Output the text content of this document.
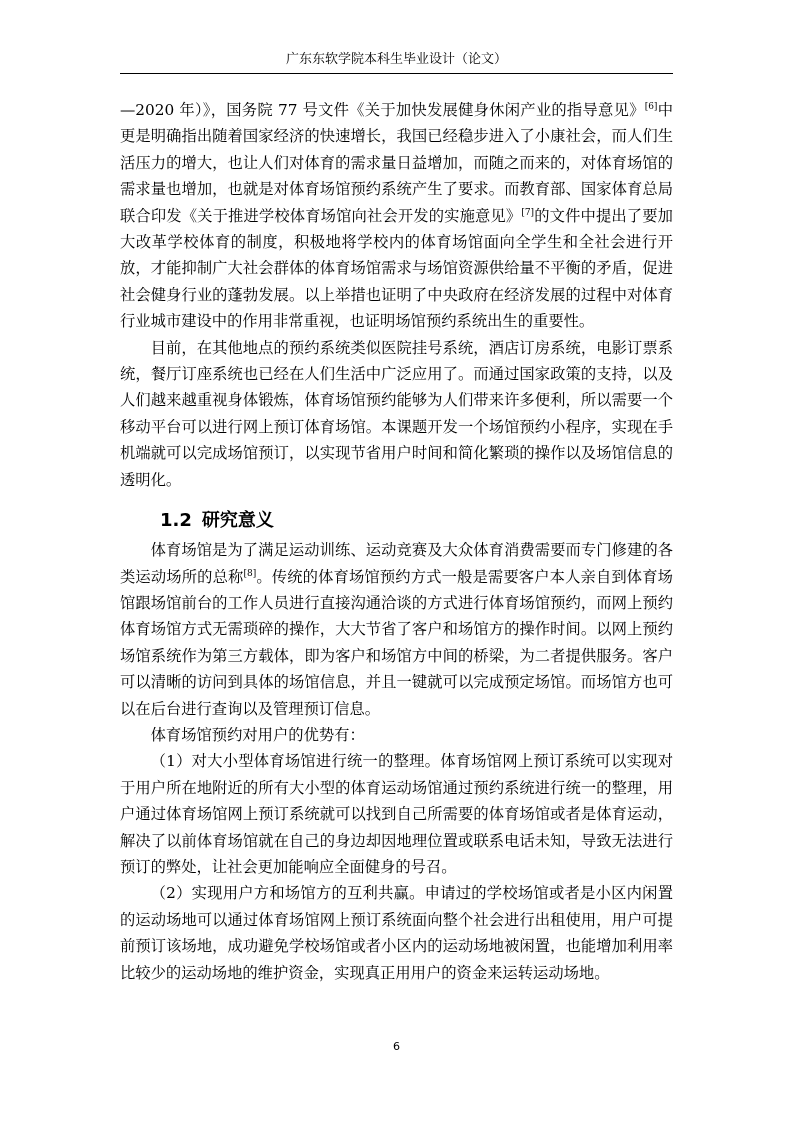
广东东软学院本科生毕业设计（论文）

—2020 年）》，国务院 77 号文件《关于加快发展健身休闲产业的指导意见》[6]中更是明确指出随着国家经济的快速增长，我国已经稳步进入了小康社会，而人们生活压力的增大，也让人们对体育的需求量日益增加，而随之而来的，对体育场馆的需求量也增加，也就是对体育场馆预约系统产生了要求。而教育部、国家体育总局联合印发《关于推进学校体育场馆向社会开发的实施意见》[7]的文件中提出了要加大改革学校体育的制度，积极地将学校内的体育场馆面向全学生和全社会进行开放，才能抑制广大社会群体的体育场馆需求与场馆资源供给量不平衡的矛盾，促进社会健身行业的蓬勃发展。以上举措也证明了中央政府在经济发展的过程中对体育行业城市建设中的作用非常重视，也证明场馆预约系统出生的重要性。

目前，在其他地点的预约系统类似医院挂号系统，酒店订房系统，电影订票系统，餐厅订座系统也已经在人们生活中广泛应用了。而通过国家政策的支持，以及人们越来越重视身体锻炼，体育场馆预约能够为人们带来许多便利，所以需要一个移动平台可以进行网上预订体育场馆。本课题开发一个场馆预约小程序，实现在手机端就可以完成场馆预订，以实现节省用户时间和简化繁琐的操作以及场馆信息的透明化。

1.2 研究意义

体育场馆是为了满足运动训练、运动竞赛及大众体育消费需要而专门修建的各类运动场所的总称[8]。传统的体育场馆预约方式一般是需要客户本人亲自到体育场馆跟场馆前台的工作人员进行直接沟通洽谈的方式进行体育场馆预约，而网上预约体育场馆方式无需琐碎的操作，大大节省了客户和场馆方的操作时间。以网上预约场馆系统作为第三方载体，即为客户和场馆方中间的桥梁，为二者提供服务。客户可以清晰的访问到具体的场馆信息，并且一键就可以完成预定场馆。而场馆方也可以在后台进行查询以及管理预订信息。

体育场馆预约对用户的优势有：

（1）对大小型体育场馆进行统一的整理。体育场馆网上预订系统可以实现对于用户所在地附近的所有大小型的体育运动场馆通过预约系统进行统一的整理，用户通过体育场馆网上预订系统就可以找到自己所需要的体育场馆或者是体育运动，解决了以前体育场馆就在自己的身边却因地理位置或联系电话未知，导致无法进行预订的弊处，让社会更加能响应全面健身的号召。

（2）实现用户方和场馆方的互利共赢。申请过的学校场馆或者是小区内闲置的运动场地可以通过体育场馆网上预订系统面向整个社会进行出租使用，用户可提前预订该场地，成功避免学校场馆或者小区内的运动场地被闲置，也能增加利用率比较少的运动场地的维护资金，实现真正用用户的资金来运转运动场地。

6
